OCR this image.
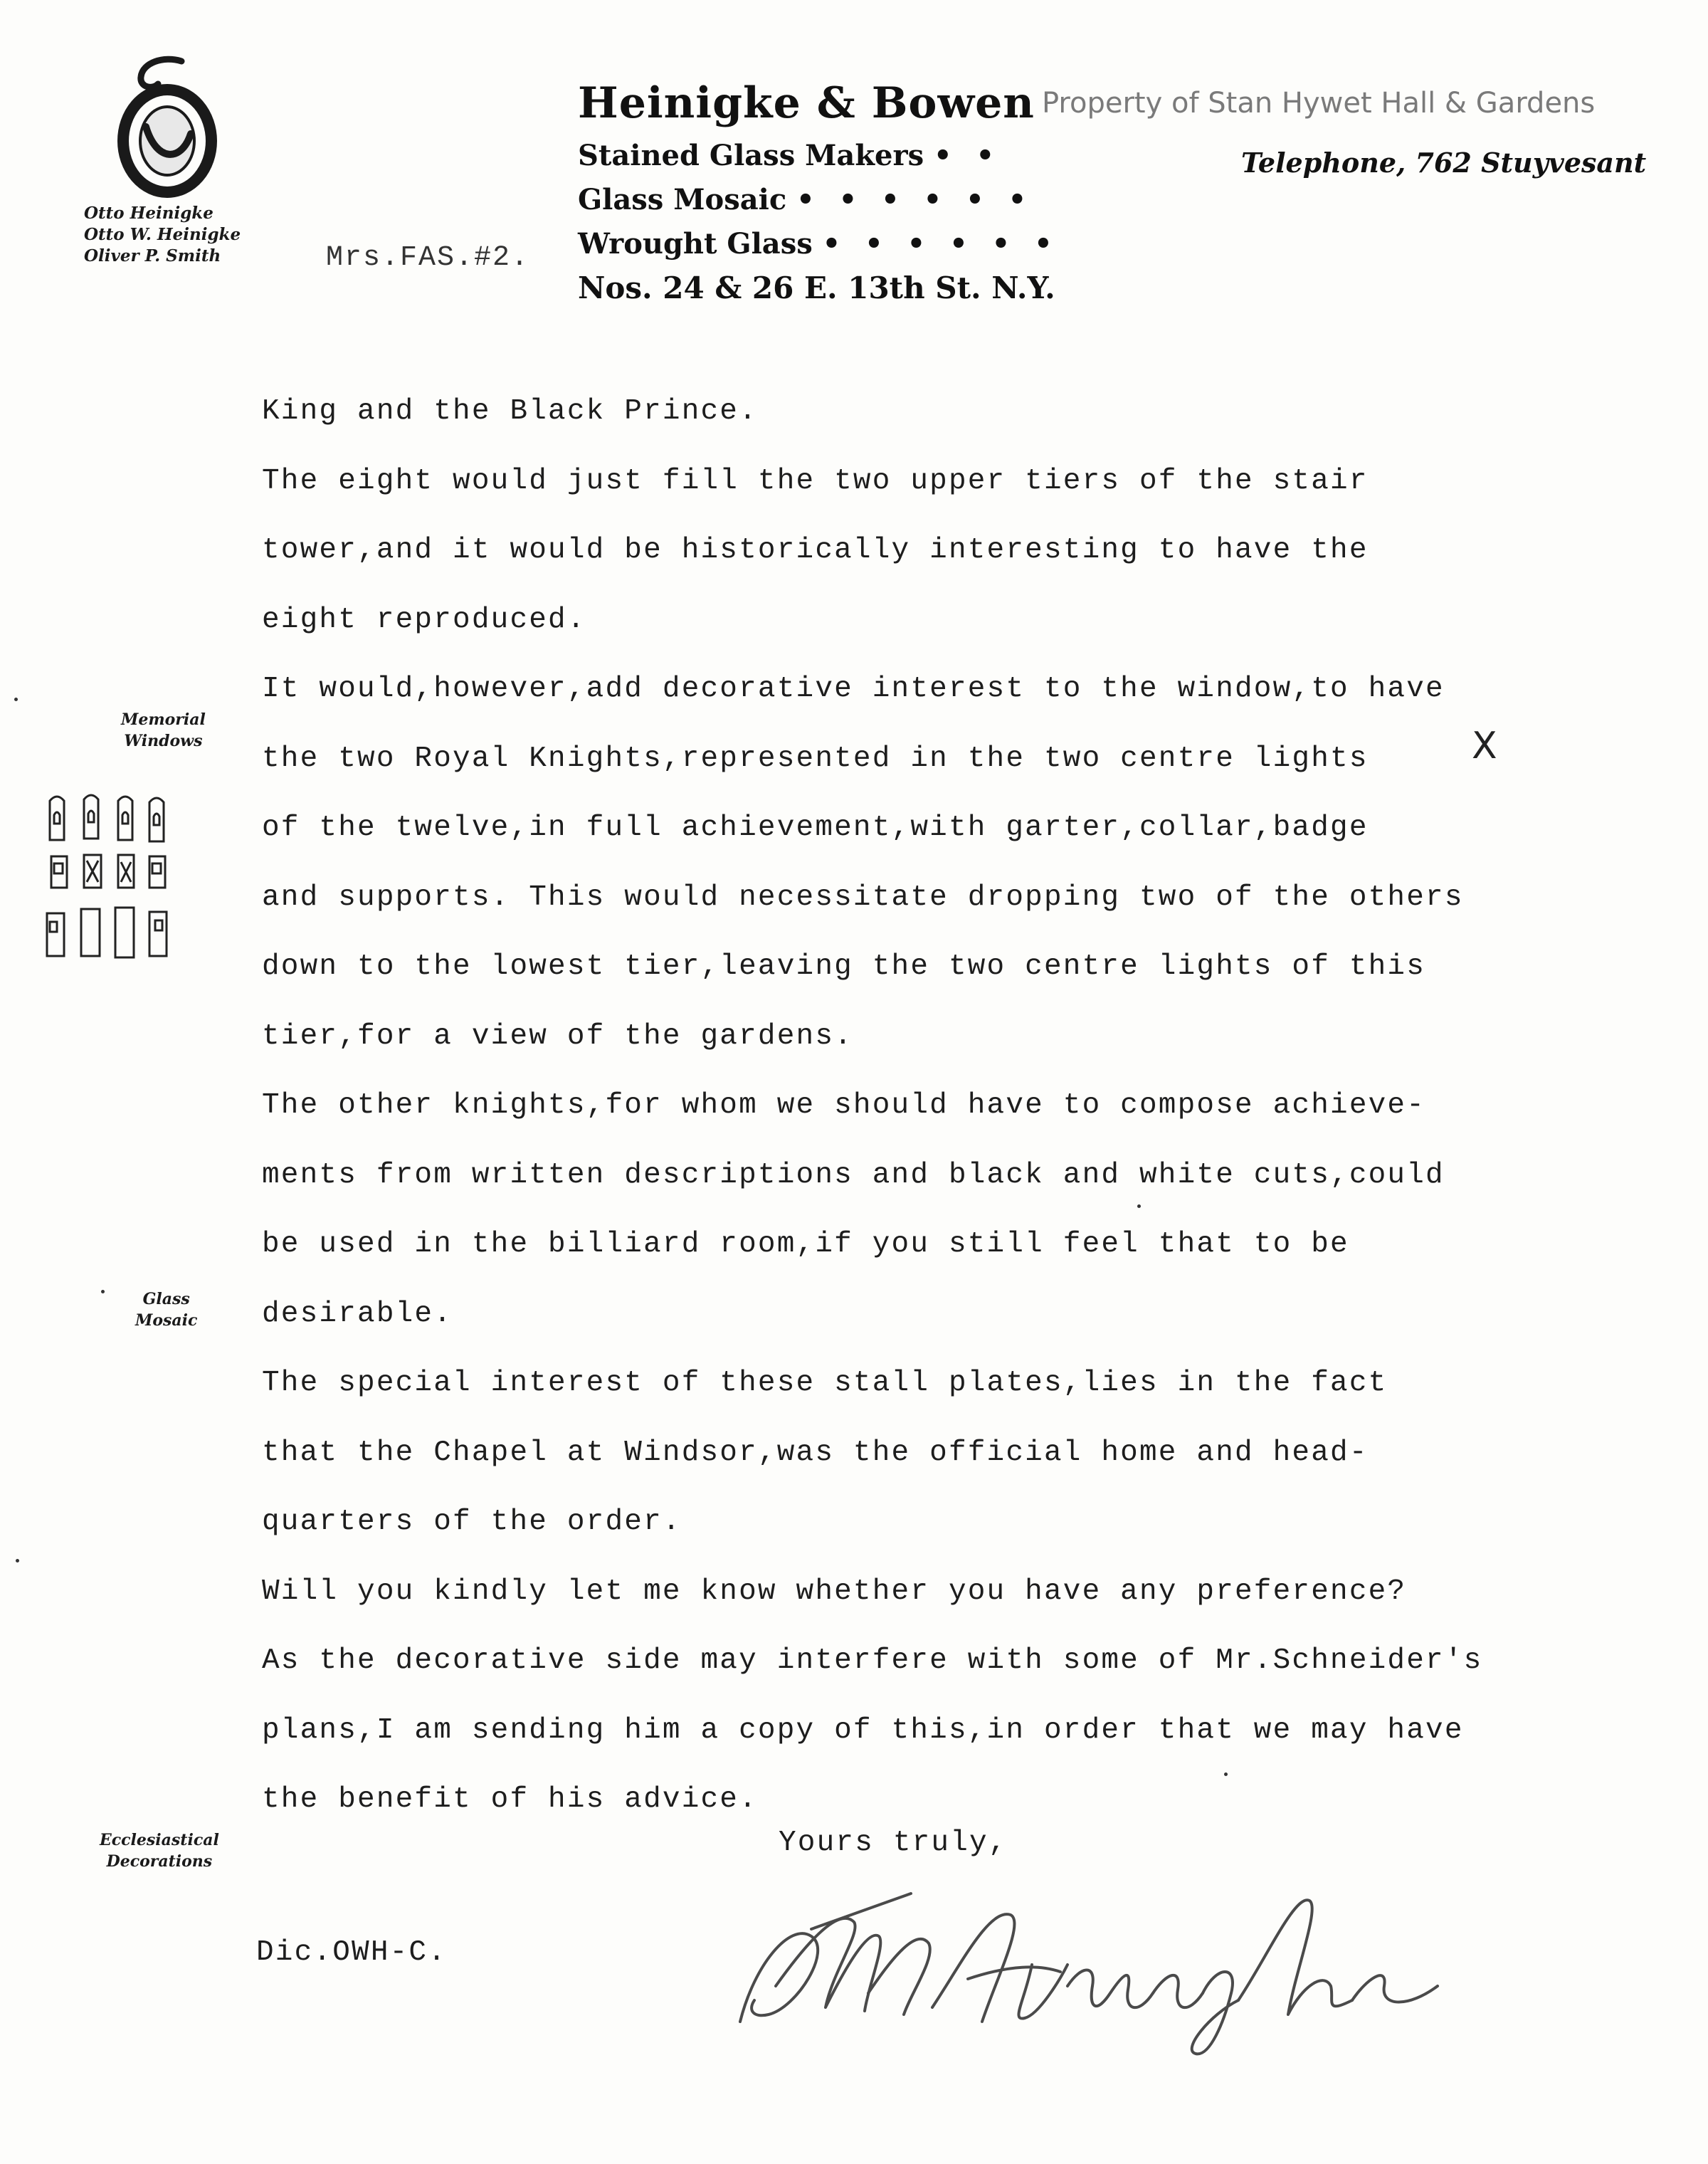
Otto Heinigke
Otto W. Heinigke
Oliver P. Smith	Mrs.FAS.#2.
Heinigke & Bowen
Stained Glass Makers • •
Glass Mosaic • • • • • •
Wrought Glass • • • • • •
Nos. 24 & 26 E. 13th St. N.Y.
Property of Stan Hywet Hall & Gardens
Telephone, 762 Stuyvesant
Memorial
Windows
Glass
Mosaic
Ecclesiastical
Decorations
King and the Black Prince.
The eight would just fill the two upper tiers of the stair
tower,and it would be historically interesting to have the
eight reproduced.
It would,however,add decorative interest to the window,to have
the two Royal Knights,represented in the two centre lights
of the twelve,in full achievement,with garter,collar,badge
and supports. This would necessitate dropping two of the others
down to the lowest tier,leaving the two centre lights of this
tier,for a view of the gardens.
The other knights,for whom we should have to compose achieve-
ments from written descriptions and black and white cuts,could
be used in the billiard room,if you still feel that to be
desirable.
The special interest of these stall plates,lies in the fact
that the Chapel at Windsor,was the official home and head-
quarters of the order.
Will you kindly let me know whether you have any preference?
As the decorative side may interfere with some of Mr.Schneider's
plans,I am sending him a copy of this,in order that we may have
the benefit of his advice.
X
Yours truly,
Dic.OWH-C.
